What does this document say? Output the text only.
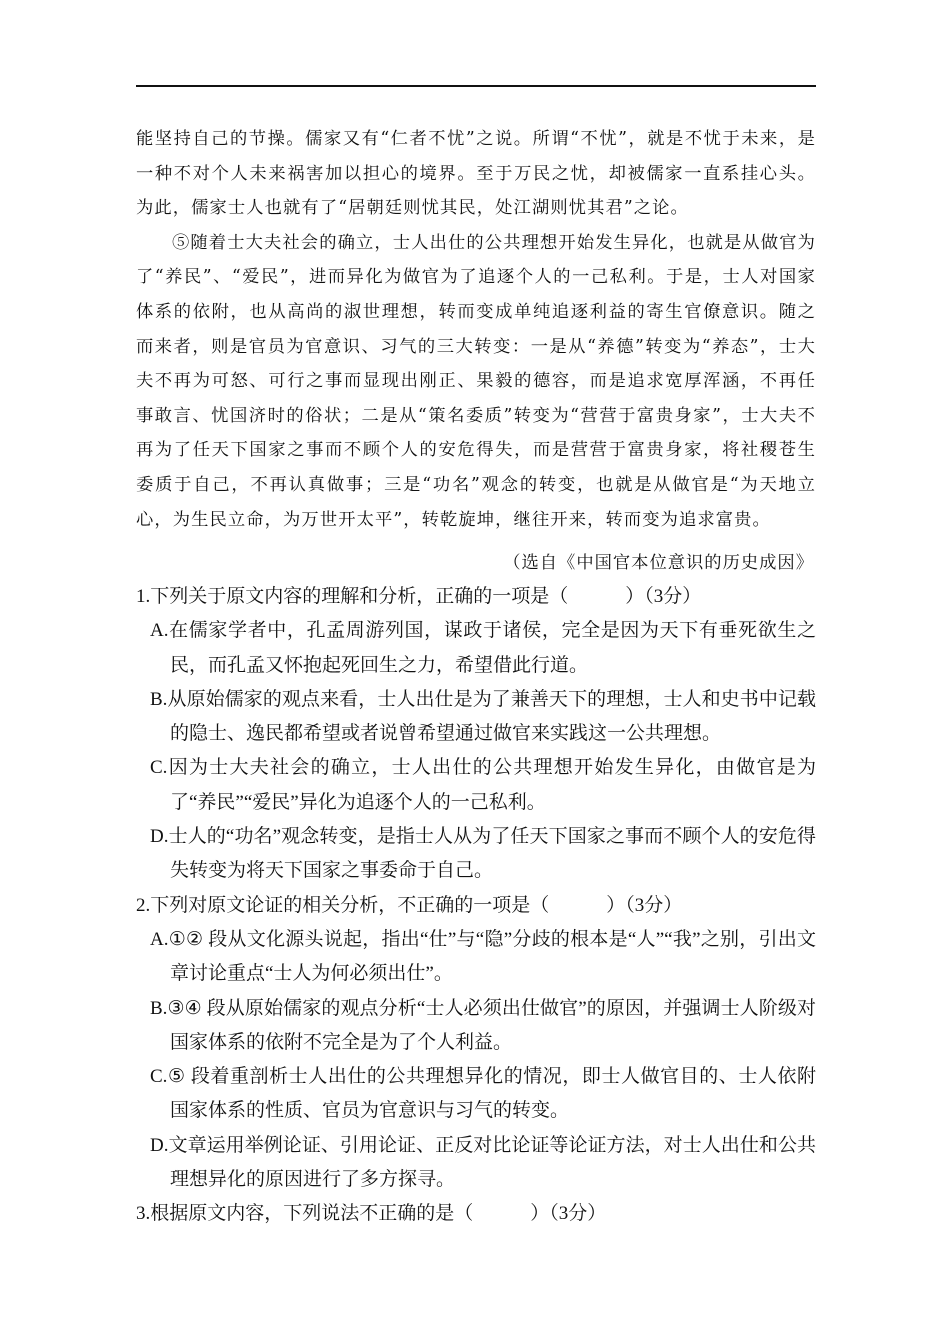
能坚持自己的节操。儒家又有“仁者不忧”之说。所谓“不忧”，就是不忧于未来，是一种不对个人未来祸害加以担心的境界。至于万民之忧，却被儒家一直系挂心头。为此，儒家士人也就有了“居朝廷则忧其民，处江湖则忧其君”之论。

⑤随着士大夫社会的确立，士人出仕的公共理想开始发生异化，也就是从做官为了“养民”、“爱民”，进而异化为做官为了追逐个人的一己私利。于是，士人对国家体系的依附，也从高尚的淑世理想，转而变成单纯追逐利益的寄生官僚意识。随之而来者，则是官员为官意识、习气的三大转变：一是从“养德”转变为“养态”，士大夫不再为可怒、可行之事而显现出刚正、果毅的德容，而是追求宽厚浑涵，不再任事敢言、忧国济时的俗状；二是从“策名委质”转变为“营营于富贵身家”，士大夫不再为了任天下国家之事而不顾个人的安危得失，而是营营于富贵身家，将社稷苍生委质于自己，不再认真做事；三是“功名”观念的转变，也就是从做官是“为天地立心，为生民立命，为万世开太平”，转乾旋坤，继往开来，转而变为追求富贵。

（选自《中国官本位意识的历史成因》

1.下列关于原文内容的理解和分析，正确的一项是（　　　）（3分）

A.在儒家学者中，孔孟周游列国，谋政于诸侯，完全是因为天下有垂死欲生之民，而孔孟又怀抱起死回生之力，希望借此行道。

B.从原始儒家的观点来看，士人出仕是为了兼善天下的理想，士人和史书中记载的隐士、逸民都希望或者说曾希望通过做官来实践这一公共理想。

C.因为士大夫社会的确立，士人出仕的公共理想开始发生异化，由做官是为了“养民”“爱民”异化为追逐个人的一己私利。

D.士人的“功名”观念转变，是指士人从为了任天下国家之事而不顾个人的安危得失转变为将天下国家之事委命于自己。

2.下列对原文论证的相关分析，不正确的一项是（　　　）（3分）

A.①② 段从文化源头说起，指出“仕”与“隐”分歧的根本是“人”“我”之别，引出文章讨论重点“士人为何必须出仕”。

B.③④ 段从原始儒家的观点分析“士人必须出仕做官”的原因，并强调士人阶级对国家体系的依附不完全是为了个人利益。

C.⑤ 段着重剖析士人出仕的公共理想异化的情况，即士人做官目的、士人依附国家体系的性质、官员为官意识与习气的转变。

D.文章运用举例论证、引用论证、正反对比论证等论证方法，对士人出仕和公共理想异化的原因进行了多方探寻。

3.根据原文内容，下列说法不正确的是（　　　）（3分）
